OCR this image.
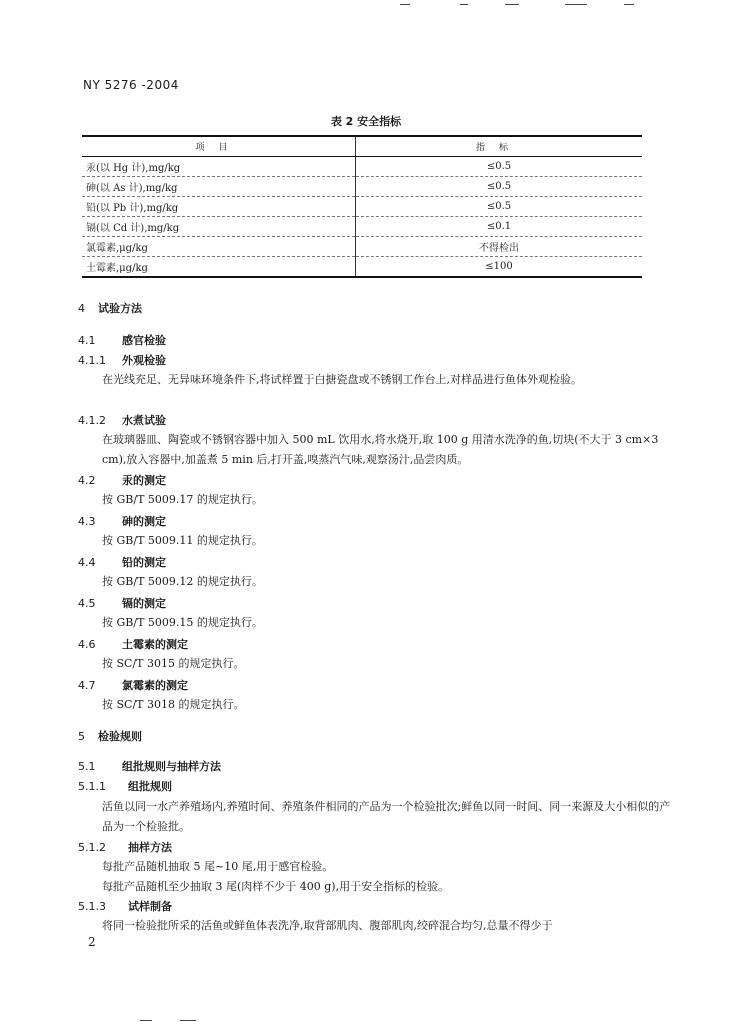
NY 5276 -2004
表 2 安全指标
项目	指标
汞(以 Hg 计),mg/kg	≤0.5
砷(以 As 计),mg/kg	≤0.5
铅(以 Pb 计),mg/kg	≤0.5
镉(以 Cd 计),mg/kg	≤0.1
氯霉素,μg/kg	不得检出
土霉素,μg/kg	≤100
4 试验方法
4.1 感官检验
4.1.1 外观检验
在光线充足、无异味环境条件下,将试样置于白搪瓷盘或不锈钢工作台上,对样品进行鱼体外观检验。
4.1.2 水煮试验
在玻璃器皿、陶瓷或不锈钢容器中加入 500 mL 饮用水,将水烧开,取 100 g 用清水洗净的鱼,切块(不大于 3 cm×3 cm),放入容器中,加盖煮 5 min 后,打开盖,嗅蒸汽气味,观察汤汁,品尝肉质。
4.2 汞的测定
按 GB/T 5009.17 的规定执行。
4.3 砷的测定
按 GB/T 5009.11 的规定执行。
4.4 铅的测定
按 GB/T 5009.12 的规定执行。
4.5 镉的测定
按 GB/T 5009.15 的规定执行。
4.6 土霉素的测定
按 SC/T 3015 的规定执行。
4.7 氯霉素的测定
按 SC/T 3018 的规定执行。
5 检验规则
5.1 组批规则与抽样方法
5.1.1 组批规则
活鱼以同一水产养殖场内,养殖时间、养殖条件相同的产品为一个检验批次;鲜鱼以同一时间、同一来源及大小相似的产品为一个检验批。
5.1.2 抽样方法
每批产品随机抽取 5 尾~10 尾,用于感官检验。
每批产品随机至少抽取 3 尾(肉样不少于 400 g),用于安全指标的检验。
5.1.3 试样制备
将同一检验批所采的活鱼或鲜鱼体表洗净,取背部肌肉、腹部肌肉,绞碎混合均匀,总量不得少于
2
